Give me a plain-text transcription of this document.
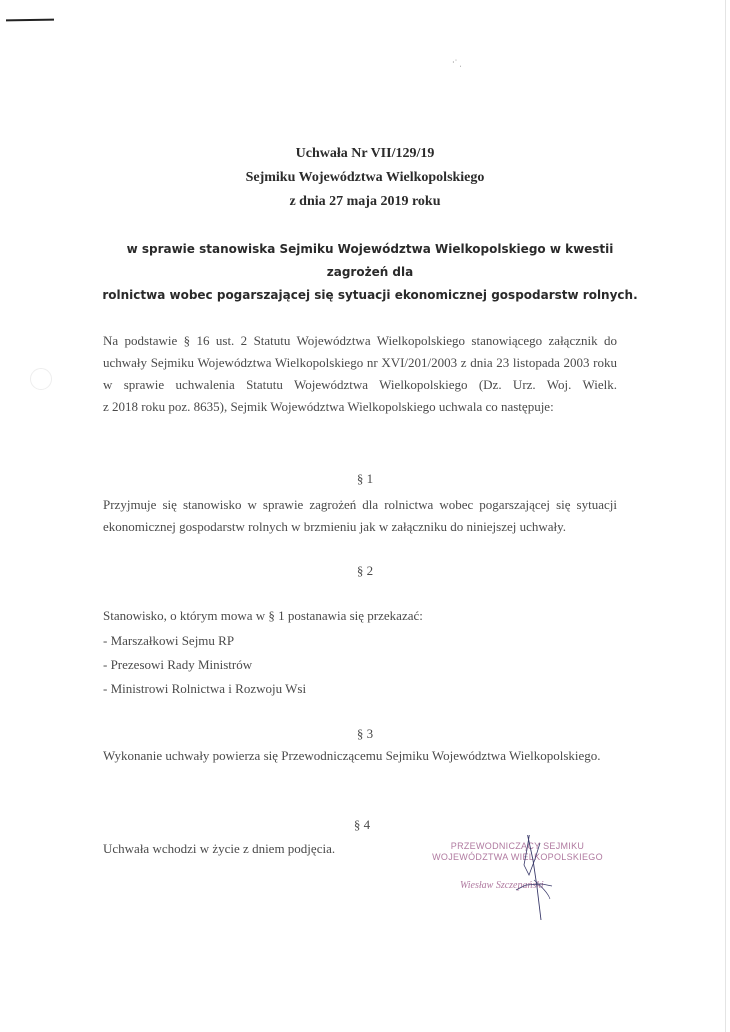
·˙ ˌ
Uchwała Nr VII/129/19
Sejmiku Województwa Wielkopolskiego
z dnia 27 maja 2019 roku
w sprawie stanowiska Sejmiku Województwa Wielkopolskiego w kwestii zagrożeń dla
rolnictwa wobec pogarszającej się sytuacji ekonomicznej gospodarstw rolnych.
Na podstawie § 16 ust. 2 Statutu Województwa Wielkopolskiego stanowiącego załącznik do
uchwały Sejmiku Województwa Wielkopolskiego nr XVI/201/2003 z dnia 23 listopada 2003 roku
w sprawie uchwalenia Statutu Województwa Wielkopolskiego (Dz. Urz. Woj. Wielk.
z 2018 roku poz. 8635), Sejmik Województwa Wielkopolskiego uchwala co następuje:
§ 1
Przyjmuje się stanowisko w sprawie zagrożeń dla rolnictwa wobec pogarszającej się sytuacji
ekonomicznej gospodarstw rolnych w brzmieniu jak w załączniku do niniejszej uchwały.
§ 2
Stanowisko, o którym mowa w § 1 postanawia się przekazać:
- Marszałkowi Sejmu RP
- Prezesowi Rady Ministrów
- Ministrowi Rolnictwa i Rozwoju Wsi
§ 3
Wykonanie uchwały powierza się Przewodniczącemu Sejmiku Województwa Wielkopolskiego.
§ 4
Uchwała wchodzi w życie z dniem podjęcia.	PRZEWODNICZĄCY SEJMIKU
WOJEWÓDZTWA WIELKOPOLSKIEGO
Wiesław Szczepański
